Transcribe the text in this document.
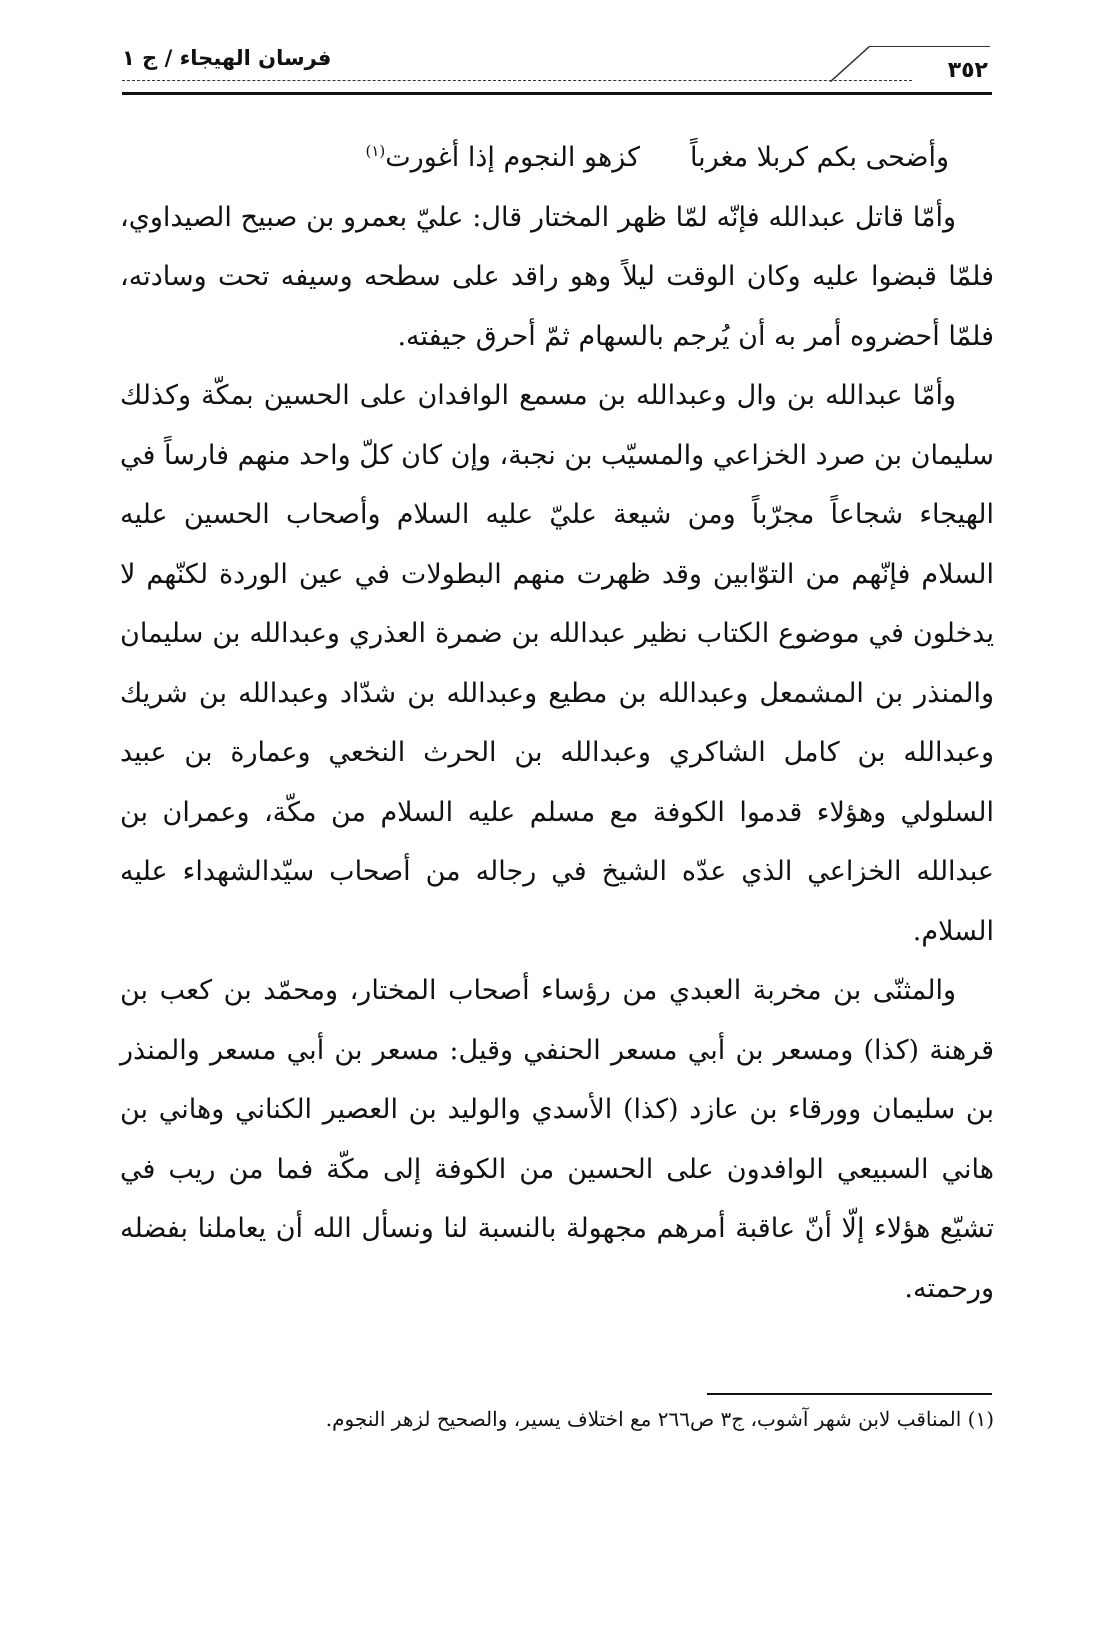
فرسان الهيجاء / ج ١	٣٥٢
وأضحى بكم كربلا مغرباًكزهو النجوم إذا أغورت$^{(١)}$

وأمّا قاتل عبدالله فإنّه لمّا ظهر المختار قال: عليّ بعمرو بن صبيح الصيداوي، فلمّا قبضوا عليه وكان الوقت ليلاً وهو راقد على سطحه وسيفه تحت وسادته، فلمّا أحضروه أمر به أن يُرجم بالسهام ثمّ أحرق جيفته.

وأمّا عبدالله بن وال وعبدالله بن مسمع الوافدان على الحسين بمكّة وكذلك سليمان بن صرد الخزاعي والمسيّب بن نجبة، وإن كان كلّ واحد منهم فارساً في الهيجاء شجاعاً مجرّباً ومن شيعة عليّ عليه السلام وأصحاب الحسين عليه السلام فإنّهم من التوّابين وقد ظهرت منهم البطولات في عين الوردة لكنّهم لا يدخلون في موضوع الكتاب نظير عبدالله بن ضمرة العذري وعبدالله بن سليمان والمنذر بن المشمعل وعبدالله بن مطيع وعبدالله بن شدّاد وعبدالله بن شريك وعبدالله بن كامل الشاكري وعبدالله بن الحرث النخعي وعمارة بن عبيد السلولي وهؤلاء قدموا الكوفة مع مسلم عليه السلام من مكّة، وعمران بن عبدالله الخزاعي الذي عدّه الشيخ في رجاله من أصحاب سيّدالشهداء عليه السلام.

والمثنّى بن مخربة العبدي من رؤساء أصحاب المختار، ومحمّد بن كعب بن قرهنة (كذا) ومسعر بن أبي مسعر الحنفي وقيل: مسعر بن أبي مسعر والمنذر بن سليمان وورقاء بن عازد (كذا) الأسدي والوليد بن العصير الكناني وهاني بن هاني السبيعي الوافدون على الحسين من الكوفة إلى مكّة فما من ريب في تشيّع هؤلاء إلّا أنّ عاقبة أمرهم مجهولة بالنسبة لنا ونسأل الله أن يعاملنا بفضله ورحمته.

(١) المناقب لابن شهر آشوب، ج٣ ص٢٦٦ مع اختلاف يسير، والصحيح لزهر النجوم.
